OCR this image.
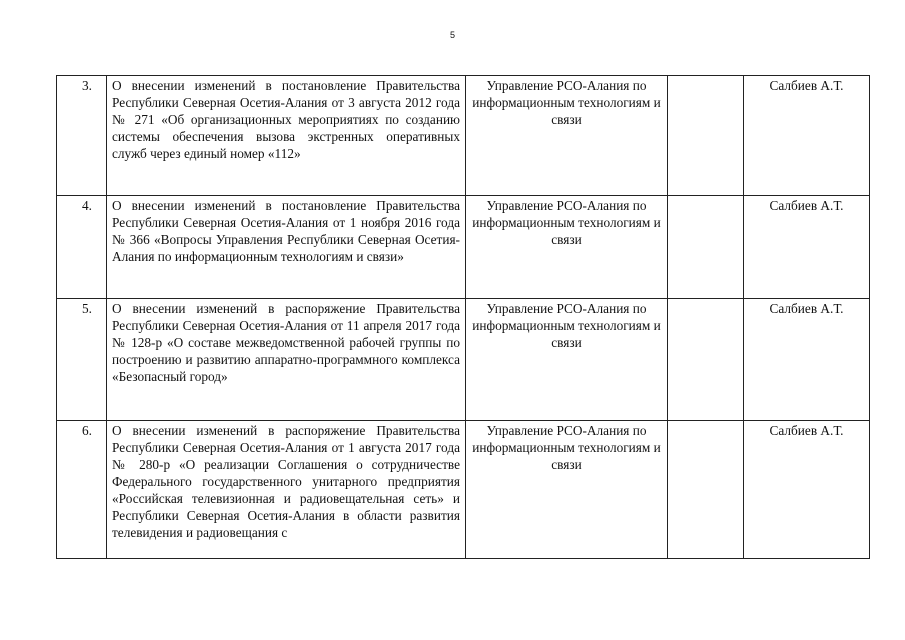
5
3.	О внесении изменений в постановление Правительства Республики Северная Осетия-Алания от 3 августа 2012 года № 271 «Об организационных мероприятиях по созданию системы обеспечения вызова экстренных оперативных служб через единый номер «112»	Управление РСО-Алания по информационным технологиям и связи		Салбиев А.Т.
4.	О внесении изменений в постановление Правительства Республики Северная Осетия-Алания от 1 ноября 2016 года № 366 «Вопросы Управления Республики Северная Осетия-Алания по информационным технологиям и связи»	Управление РСО-Алания по информационным технологиям и связи		Салбиев А.Т.
5.	О внесении изменений в распоряжение Правительства Республики Северная Осетия-Алания от 11 апреля 2017 года № 128-р «О составе межведомственной рабочей группы по построению и развитию аппаратно-программного комплекса «Безопасный город»	Управление РСО-Алания по информационным технологиям и связи		Салбиев А.Т.
6.	О внесении изменений в распоряжение Правительства Республики Северная Осетия-Алания от 1 августа 2017 года № 280-р «О реализации Соглашения о сотрудничестве Федерального государственного унитарного предприятия «Российская телевизионная и радиовещательная сеть» и Республики Северная Осетия-Алания в области развития телевидения и радиовещания с	Управление РСО-Алания по информационным технологиям и связи		Салбиев А.Т.
